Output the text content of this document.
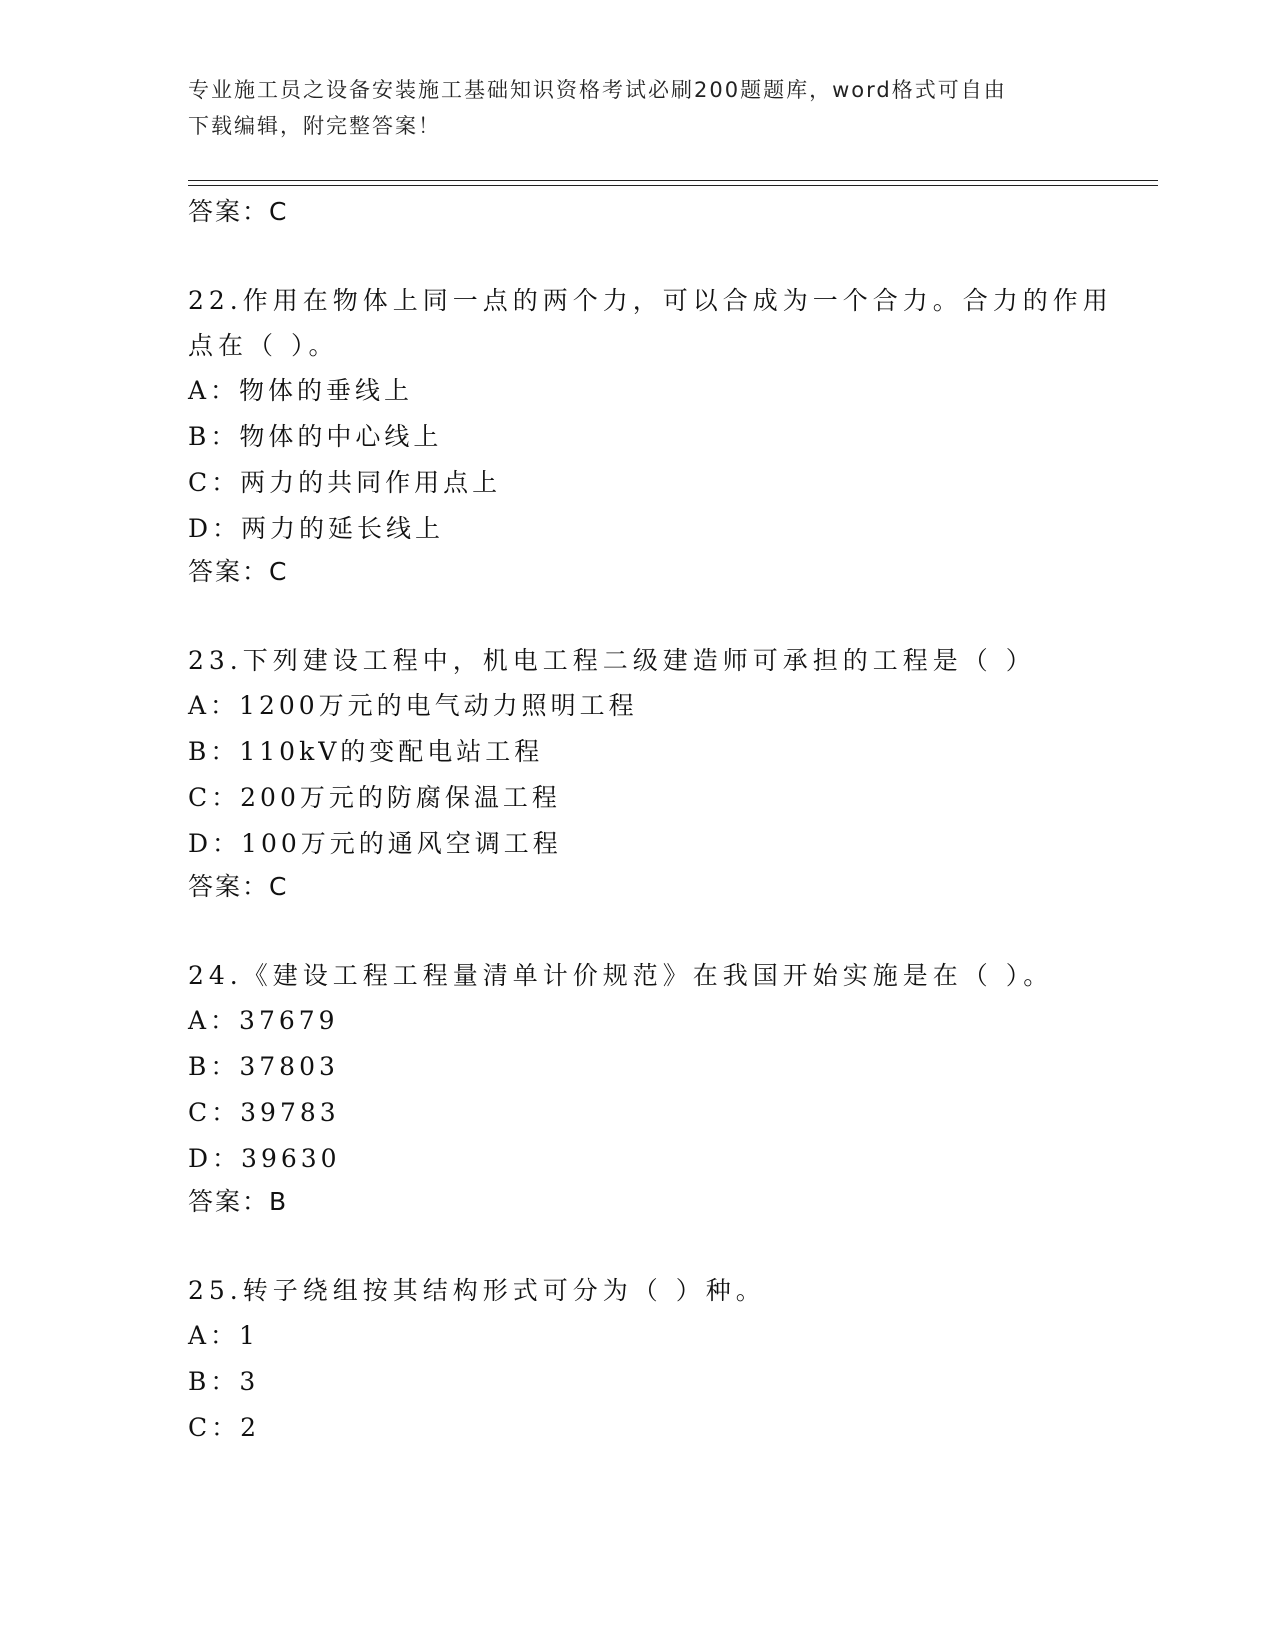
专业施工员之设备安装施工基础知识资格考试必刷200题题库，word格式可自由
下载编辑，附完整答案！
答案：C
22.作用在物体上同一点的两个力，可以合成为一个合力。合力的作用
点在（ ）。
A：物体的垂线上
B：物体的中心线上
C：两力的共同作用点上
D：两力的延长线上
答案：C
23.下列建设工程中，机电工程二级建造师可承担的工程是（ ）
A：1200万元的电气动力照明工程
B：110kV的变配电站工程
C：200万元的防腐保温工程
D：100万元的通风空调工程
答案：C
24.《建设工程工程量清单计价规范》在我国开始实施是在（ ）。
A：37679
B：37803
C：39783
D：39630
答案：B
25.转子绕组按其结构形式可分为（ ）种。
A：1
B：3
C：2
